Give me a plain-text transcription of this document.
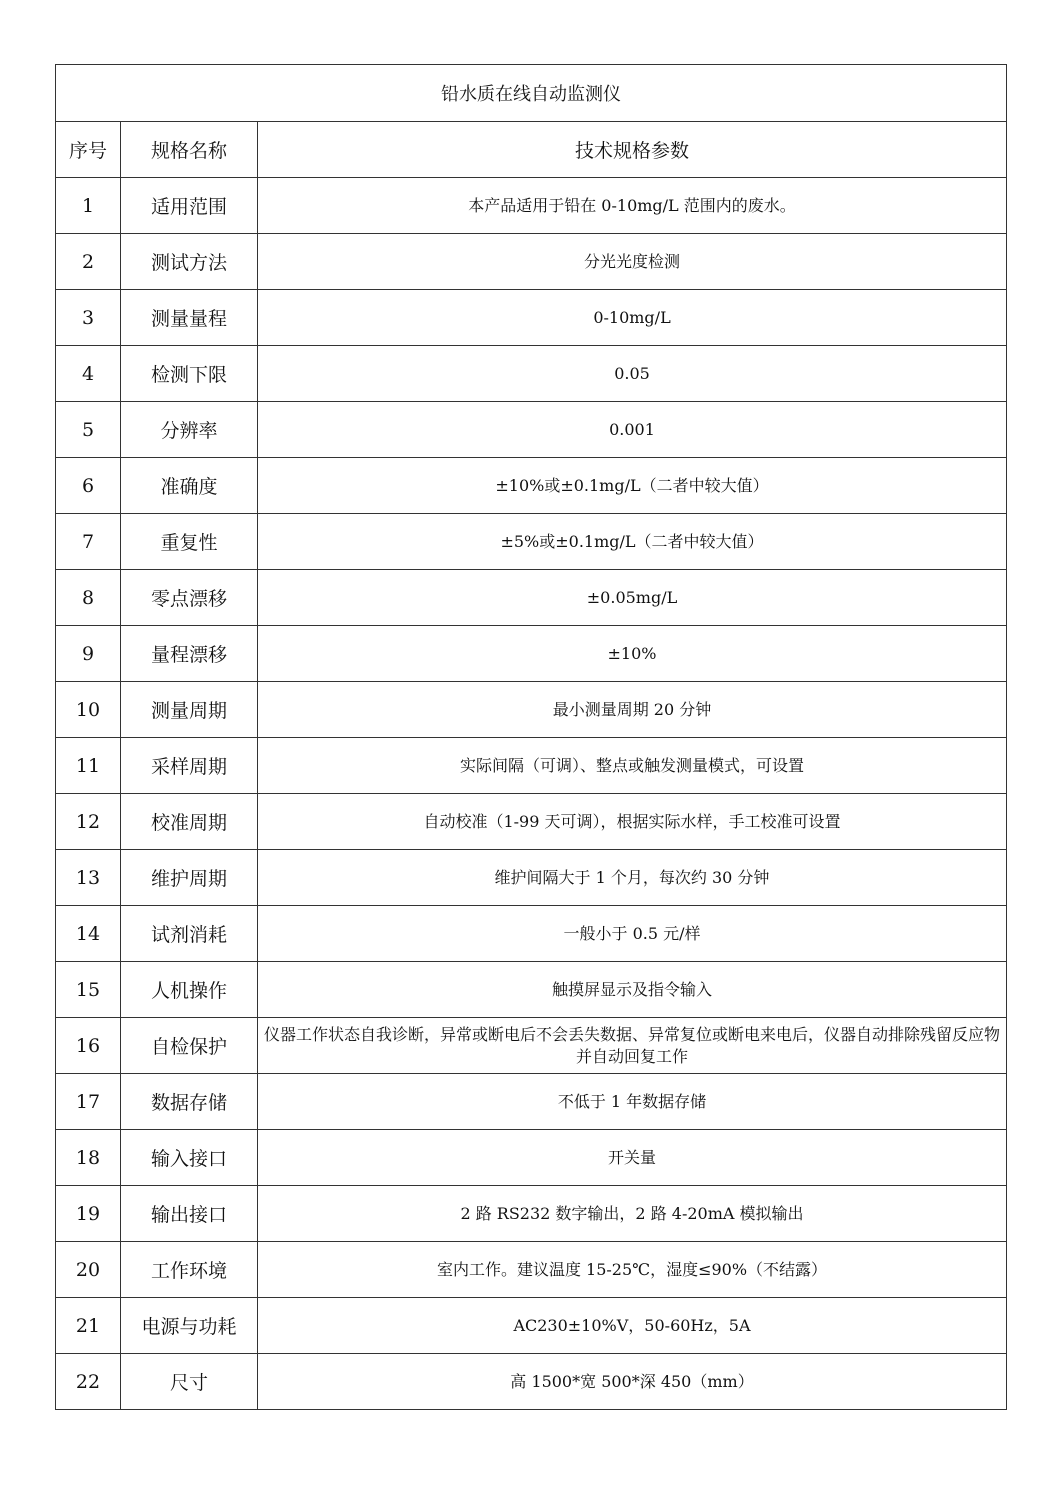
铅水质在线自动监测仪		
序号	规格名称	技术规格参数
1	适用范围	本产品适用于铅在 0-10mg/L 范围内的废水。
2	测试方法	分光光度检测
3	测量量程	0-10mg/L
4	检测下限	0.05
5	分辨率	0.001
6	准确度	±10%或±0.1mg/L（二者中较大值）
7	重复性	±5%或±0.1mg/L（二者中较大值）
8	零点漂移	±0.05mg/L
9	量程漂移	±10%
10	测量周期	最小测量周期 20 分钟
11	采样周期	实际间隔（可调）、整点或触发测量模式，可设置
12	校准周期	自动校准（1-99 天可调），根据实际水样，手工校准可设置
13	维护周期	维护间隔大于 1 个月，每次约 30 分钟
14	试剂消耗	一般小于 0.5 元/样
15	人机操作	触摸屏显示及指令输入
16	自检保护	仪器工作状态自我诊断，异常或断电后不会丢失数据、异常复位或断电来电后，仪器自动排除残留反应物并自动回复工作
17	数据存储	不低于 1 年数据存储
18	输入接口	开关量
19	输出接口	2 路 RS232 数字输出，2 路 4-20mA 模拟输出
20	工作环境	室内工作。建议温度 15-25℃，湿度≤90%（不结露）
21	电源与功耗	AC230±10%V，50-60Hz，5A
22	尺寸	高 1500*宽 500*深 450（mm）
